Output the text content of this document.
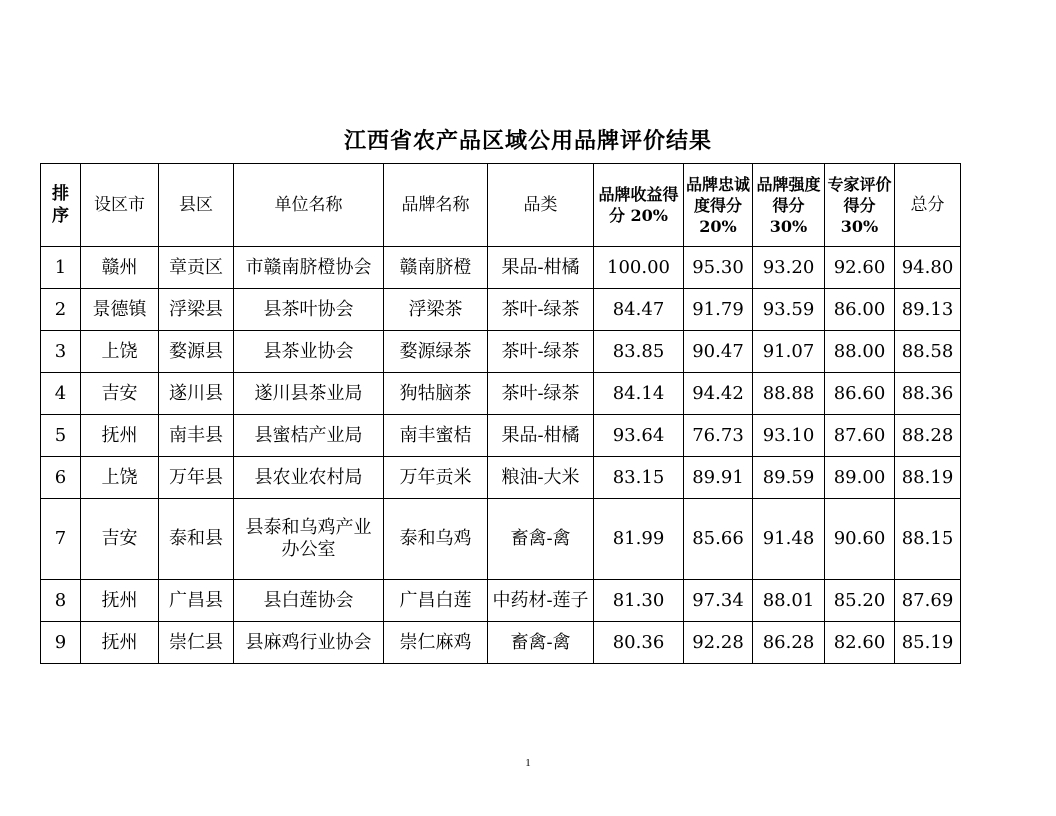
江西省农产品区域公用品牌评价结果
排序	设区市	县区	单位名称	品牌名称	品类	品牌收益得分 20%	品牌忠诚度得分 20%	品牌强度得分30%	专家评价得分30%	总分
1	赣州	章贡区	市赣南脐橙协会	赣南脐橙	果品-柑橘	100.00	95.30	93.20	92.60	94.80
2	景德镇	浮梁县	县茶叶协会	浮梁茶	茶叶-绿茶	84.47	91.79	93.59	86.00	89.13
3	上饶	婺源县	县茶业协会	婺源绿茶	茶叶-绿茶	83.85	90.47	91.07	88.00	88.58
4	吉安	遂川县	遂川县茶业局	狗牯脑茶	茶叶-绿茶	84.14	94.42	88.88	86.60	88.36
5	抚州	南丰县	县蜜桔产业局	南丰蜜桔	果品-柑橘	93.64	76.73	93.10	87.60	88.28
6	上饶	万年县	县农业农村局	万年贡米	粮油-大米	83.15	89.91	89.59	89.00	88.19
7	吉安	泰和县	县泰和乌鸡产业办公室	泰和乌鸡	畜禽-禽	81.99	85.66	91.48	90.60	88.15
8	抚州	广昌县	县白莲协会	广昌白莲	中药材-莲子	81.30	97.34	88.01	85.20	87.69
9	抚州	崇仁县	县麻鸡行业协会	崇仁麻鸡	畜禽-禽	80.36	92.28	86.28	82.60	85.19
1
